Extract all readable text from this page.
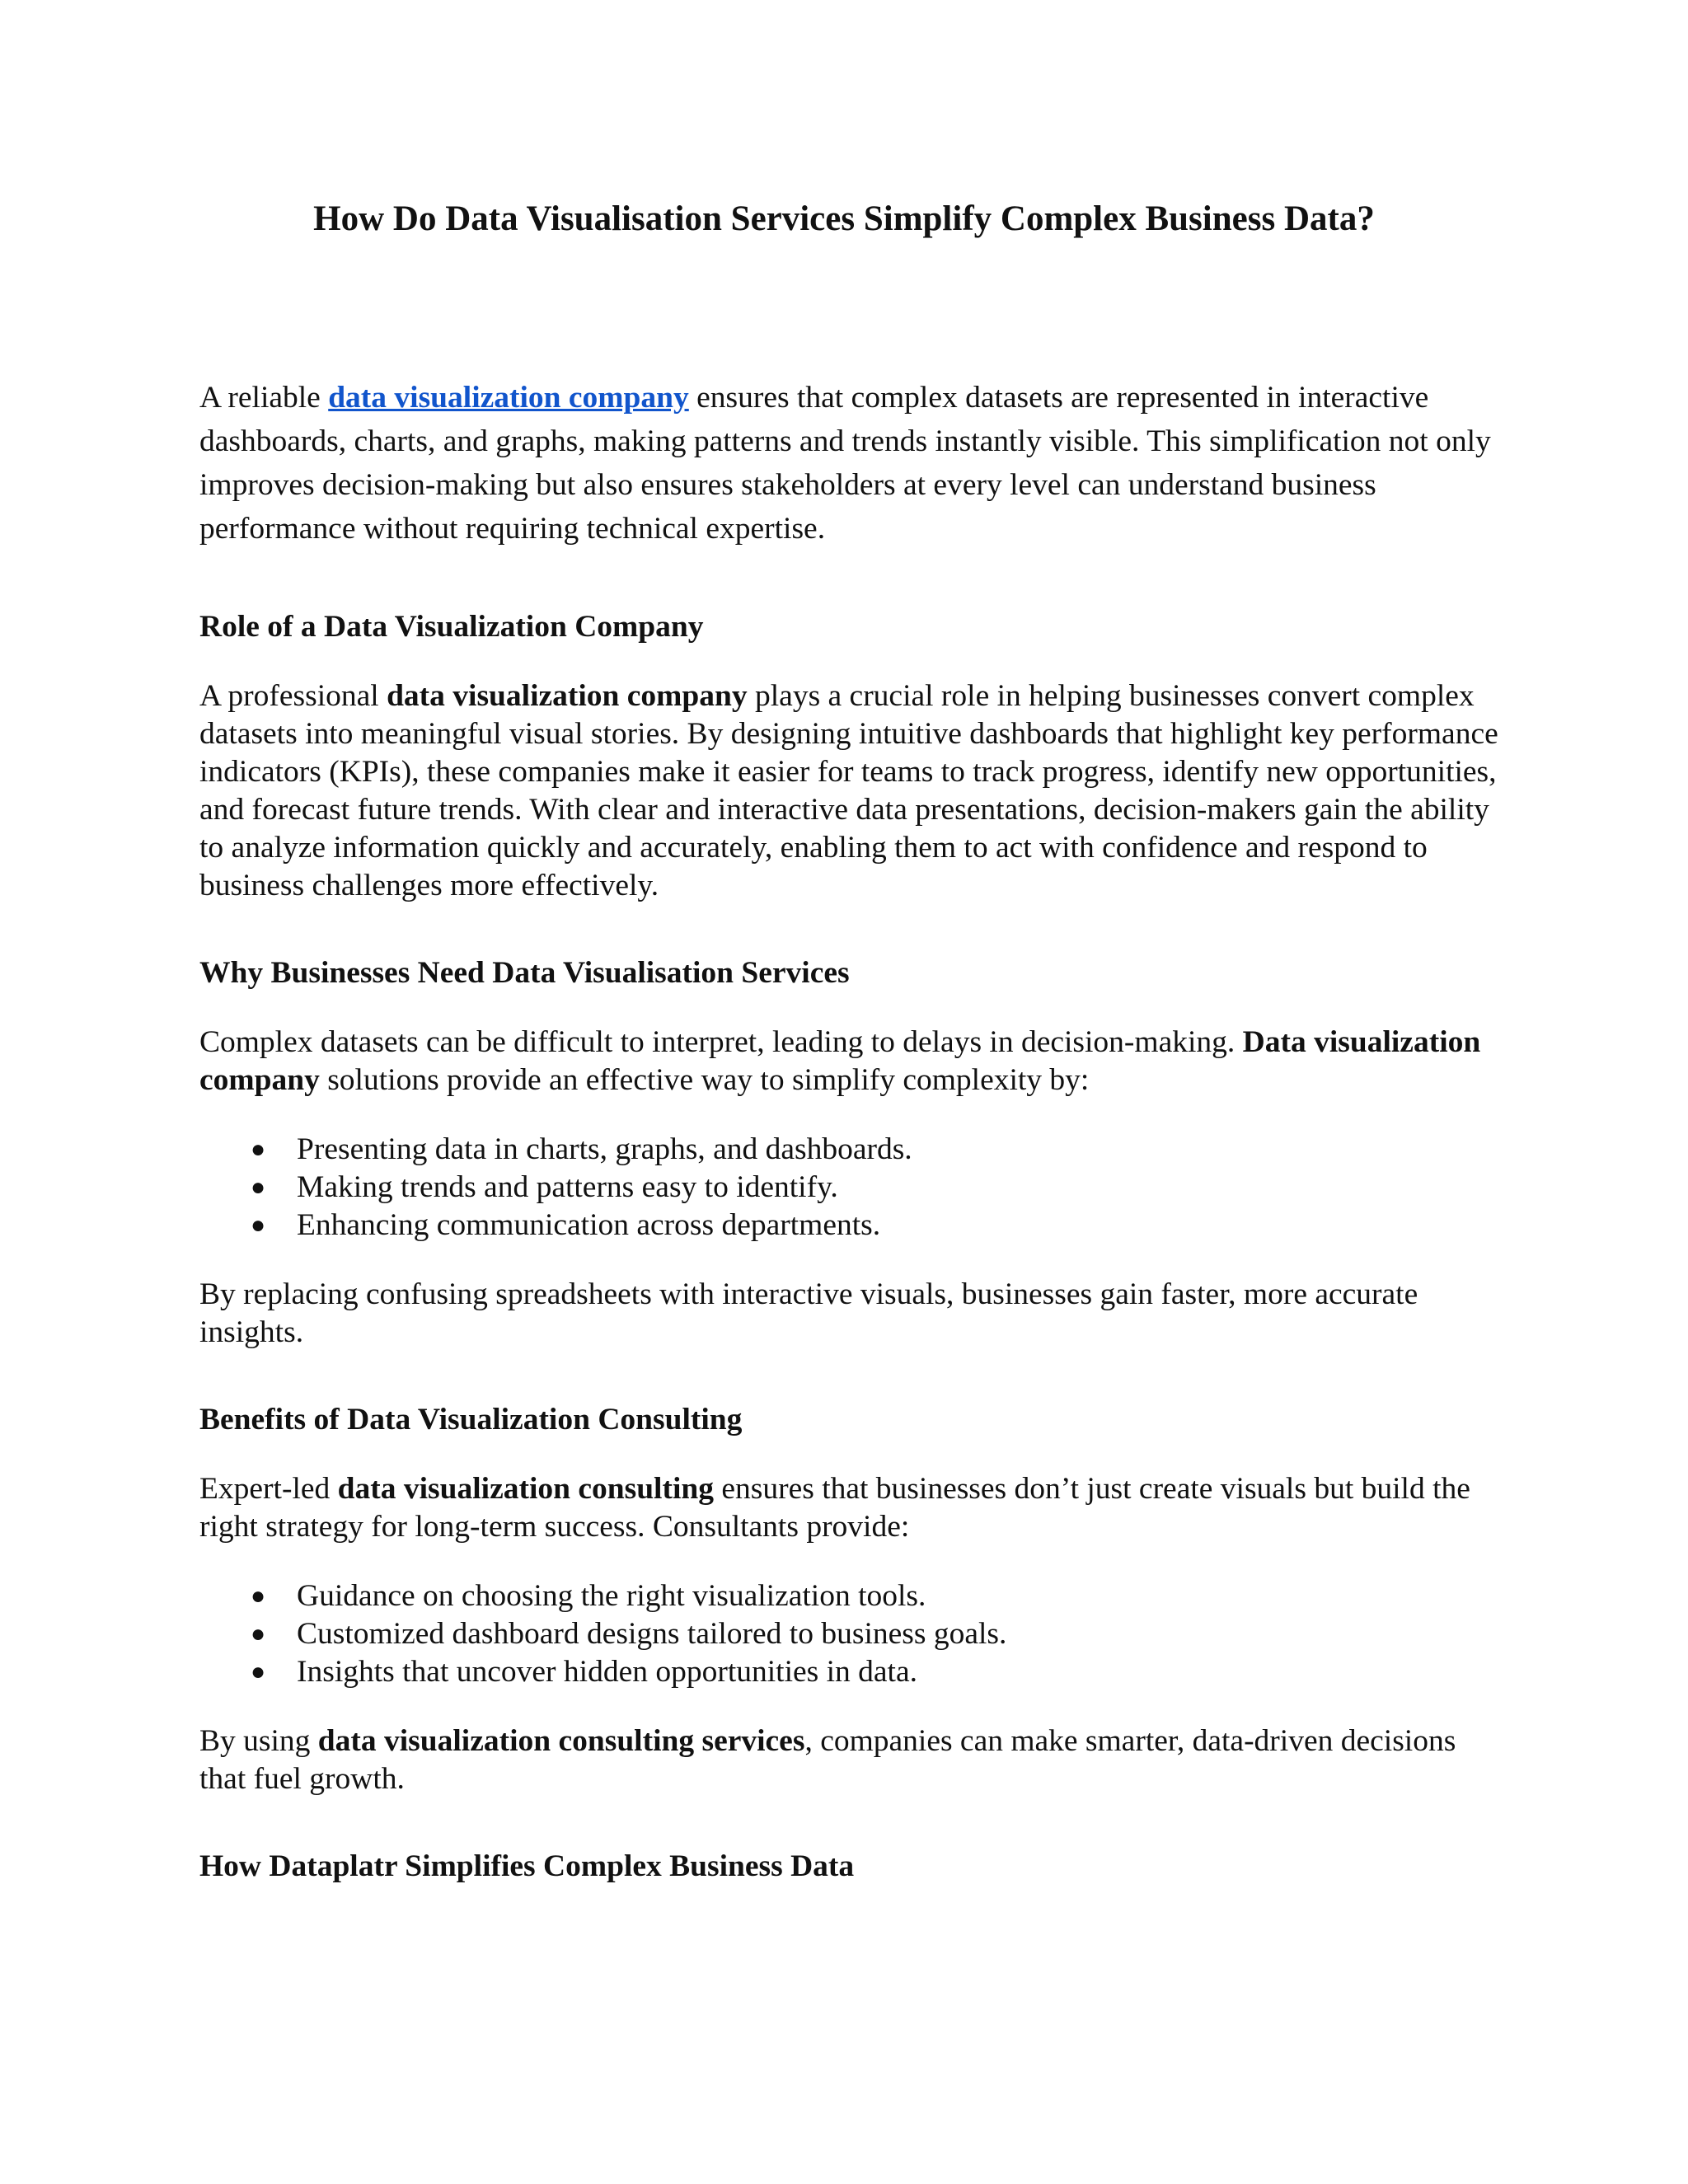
How Do Data Visualisation Services Simplify Complex Business Data?

A reliable data visualization company ensures that complex datasets are represented in interactive dashboards, charts, and graphs, making patterns and trends instantly visible. This simplification not only improves decision-making but also ensures stakeholders at every level can understand business performance without requiring technical expertise.

Role of a Data Visualization Company

A professional data visualization company plays a crucial role in helping businesses convert complex datasets into meaningful visual stories. By designing intuitive dashboards that highlight key performance indicators (KPIs), these companies make it easier for teams to track progress, identify new opportunities, and forecast future trends. With clear and interactive data presentations, decision-makers gain the ability to analyze information quickly and accurately, enabling them to act with confidence and respond to business challenges more effectively.

Why Businesses Need Data Visualisation Services

Complex datasets can be difficult to interpret, leading to delays in decision-making. Data visualization company solutions provide an effective way to simplify complexity by:

● Presenting data in charts, graphs, and dashboards.
● Making trends and patterns easy to identify.
● Enhancing communication across departments.

By replacing confusing spreadsheets with interactive visuals, businesses gain faster, more accurate insights.

Benefits of Data Visualization Consulting

Expert-led data visualization consulting ensures that businesses don’t just create visuals but build the right strategy for long-term success. Consultants provide:

● Guidance on choosing the right visualization tools.
● Customized dashboard designs tailored to business goals.
● Insights that uncover hidden opportunities in data.

By using data visualization consulting services, companies can make smarter, data-driven decisions that fuel growth.

How Dataplatr Simplifies Complex Business Data
